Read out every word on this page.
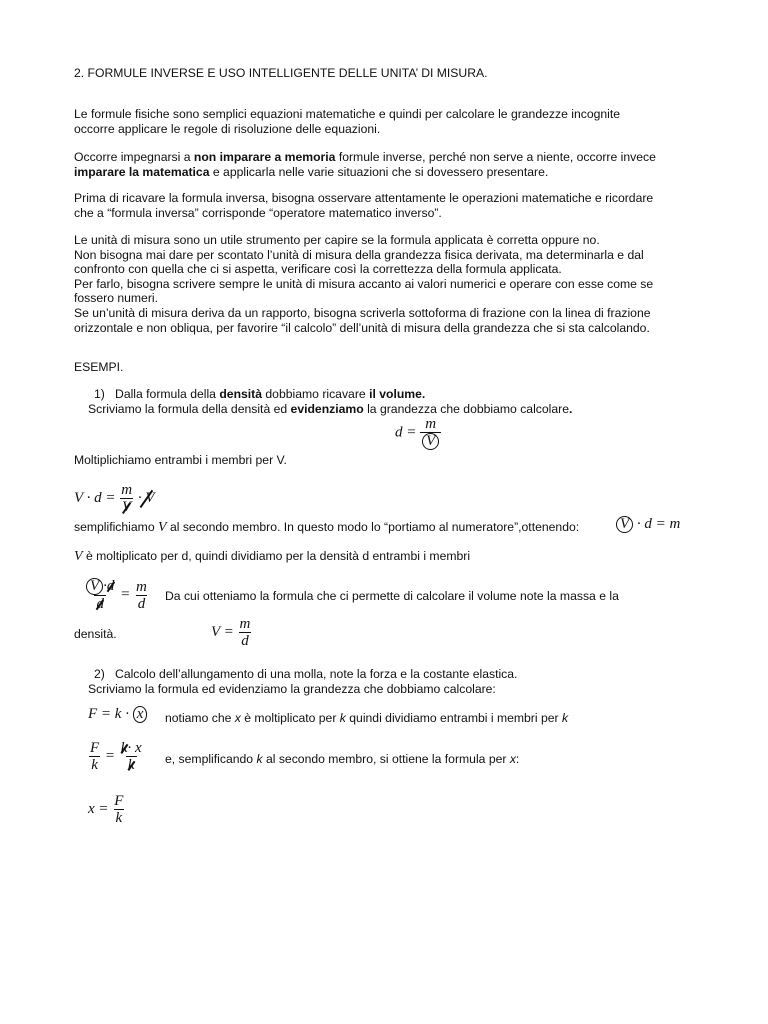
2. FORMULE INVERSE E USO INTELLIGENTE DELLE UNITA’ DI MISURA.

Le formule fisiche sono semplici equazioni matematiche e quindi per calcolare le grandezze incognite

occorre applicare le regole di risoluzione delle equazioni.

Occorre impegnarsi a non imparare a memoria formule inverse, perché non serve a niente, occorre invece

imparare la matematica e applicarla nelle varie situazioni che si dovessero presentare.

Prima di ricavare la formula inversa, bisogna osservare attentamente le operazioni matematiche e ricordare

che a “formula inversa” corrisponde “operatore matematico inverso”.

Le unità di misura sono un utile strumento per capire se la formula applicata è corretta oppure no.

Non bisogna mai dare per scontato l’unità di misura della grandezza fisica derivata, ma determinarla e dal

confronto con quella che ci si aspetta, verificare così la correttezza della formula applicata.

Per farlo, bisogna scrivere sempre le unità di misura accanto ai valori numerici e operare con esse come se

fossero numeri.

Se un’unità di misura deriva da un rapporto, bisogna scriverla sottoforma di frazione con la linea di frazione

orizzontale e non obliqua, per favorire “il calcolo” dell’unità di misura della grandezza che si sta calcolando.

ESEMPI.
1) Dalla formula della densità dobbiamo ricavare il volume.
Scriviamo la formula della densità ed evidenziamo la grandezza che dobbiamo calcolare.
$d = \frac{m}{V}$
Moltiplichiamo entrambi i membri per V.
$V \cdot d = \frac{m}{V} \cdot V$
semplifichiamo V al secondo membro. In questo modo lo “portiamo al numeratore”,ottenendo:	V · d = m
V è moltiplicato per d, quindi dividiamo per la densità d entrambi i membri
$\frac{V \cdot d}{d} = \frac{m}{d}$ Da cui otteniamo la formula che ci permette di calcolare il volume note la massa e la
densità.	$V = \frac{m}{d}$
2) Calcolo dell’allungamento di una molla, note la forza e la costante elastica.
Scriviamo la formula ed evidenziamo la grandezza che dobbiamo calcolare:
F = k · x	notiamo che x è moltiplicato per k quindi dividiamo entrambi i membri per k
$\frac{F}{k} = \frac{k\cdot x}{k} e$, semplificando k al secondo membro, si ottiene la formula per x:
$x = \frac{F}{k}$
